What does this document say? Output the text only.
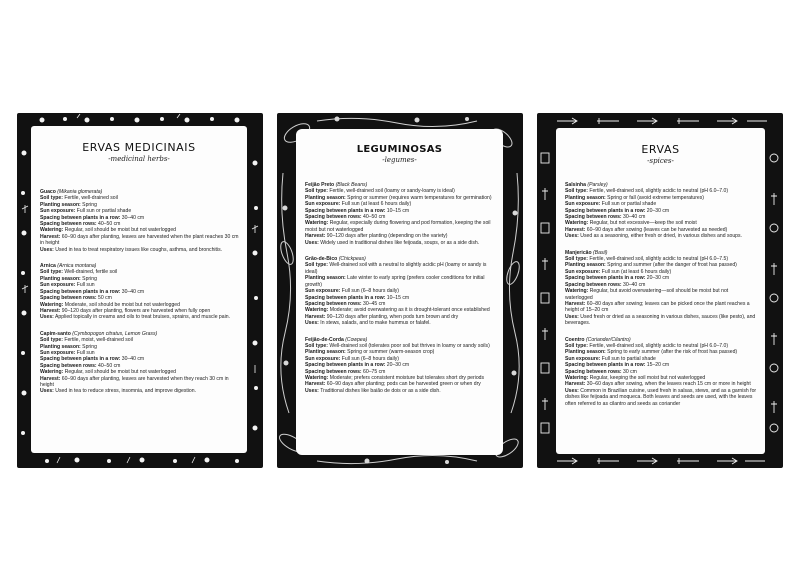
ERVAS MEDICINAIS
-medicinal herbs-
Guaco (Mikania glomerata)
Soil type: Fertile, well-drained soil
Planting season: Spring
Sun exposure: Full sun or partial shade
Spacing between plants in a row: 30–40 cm
Spacing between rows: 40–50 cm
Watering: Regular, soil should be moist but not waterlogged
Harvest: 60–90 days after planting, leaves are harvested when the plant reaches 30 cm in height
Uses: Used in tea to treat respiratory issues like coughs, asthma, and bronchitis.
Arnica (Arnica montana)
Soil type: Well-drained, fertile soil
Planting season: Spring
Sun exposure: Full sun
Spacing between plants in a row: 30–40 cm
Spacing between rows: 50 cm
Watering: Moderate, soil should be moist but not waterlogged
Harvest: 90–120 days after planting, flowers are harvested when fully open
Uses: Applied topically in creams and oils to treat bruises, sprains, and muscle pain.
Capim-santo (Cymbopogon citratus, Lemon Grass)
Soil type: Fertile, moist, well-drained soil
Planting season: Spring
Sun exposure: Full sun
Spacing between plants in a row: 30–40 cm
Spacing between rows: 40–50 cm
Watering: Regular, soil should be moist but not waterlogged
Harvest: 60–90 days after planting, leaves are harvested when they reach 30 cm in height
Uses: Used in tea to reduce stress, insomnia, and improve digestion.
LEGUMINOSAS
-legumes-
Feijão Preto (Black Beans)
Soil type: Fertile, well-drained soil (loamy or sandy-loamy is ideal)
Planting season: Spring or summer (requires warm temperatures for germination)
Sun exposure: Full sun (at least 6 hours daily)
Spacing between plants in a row: 10–15 cm
Spacing between rows: 40–50 cm
Watering: Regular, especially during flowering and pod formation, keeping the soil moist but not waterlogged
Harvest: 90–120 days after planting (depending on the variety)
Uses: Widely used in traditional dishes like feijoada, soups, or as a side dish.
Grão-de-Bico (Chickpeas)
Soil type: Well-drained soil with a neutral to slightly acidic pH (loamy or sandy is ideal)
Planting season: Late winter to early spring (prefers cooler conditions for initial growth)
Sun exposure: Full sun (6–8 hours daily)
Spacing between plants in a row: 10–15 cm
Spacing between rows: 30–45 cm
Watering: Moderate; avoid overwatering as it is drought-tolerant once established
Harvest: 90–120 days after planting, when pods turn brown and dry
Uses: In stews, salads, and to make hummus or falafel.
Feijão-de-Corda (Cowpea)
Soil type: Well-drained soil (tolerates poor soil but thrives in loamy or sandy soils)
Planting season: Spring or summer (warm-season crop)
Sun exposure: Full sun (6–8 hours daily)
Spacing between plants in a row: 20–30 cm
Spacing between rows: 60–75 cm
Watering: Moderate; prefers consistent moisture but tolerates short dry periods
Harvest: 60–90 days after planting; pods can be harvested green or when dry
Uses: Traditional dishes like baião de dois or as a side dish.
ERVAS
-spices-
Salsinha (Parsley)
Soil type: Fertile, well-drained soil, slightly acidic to neutral (pH 6.0–7.0)
Planting season: Spring or fall (avoid extreme temperatures)
Sun exposure: Full sun or partial shade
Spacing between plants in a row: 20–30 cm
Spacing between rows: 30–40 cm
Watering: Regular, but not excessive—keep the soil moist
Harvest: 60–90 days after sowing (leaves can be harvested as needed)
Uses: Used as a seasoning, either fresh or dried, in various dishes and soups.
Manjericão (Basil)
Soil type: Fertile, well-drained soil, slightly acidic to neutral (pH 6.0–7.5)
Planting season: Spring and summer (after the danger of frost has passed)
Sun exposure: Full sun (at least 6 hours daily)
Spacing between plants in a row: 20–30 cm
Spacing between rows: 30–40 cm
Watering: Regular, but avoid overwatering—soil should be moist but not waterlogged
Harvest: 60–80 days after sowing; leaves can be picked once the plant reaches a height of 15–20 cm
Uses: Used fresh or dried as a seasoning in various dishes, sauces (like pesto), and beverages.
Coentro (Coriander/Cilantro)
Soil type: Fertile, well-drained soil, slightly acidic to neutral (pH 6.0–7.0)
Planting season: Spring to early summer (after the risk of frost has passed)
Sun exposure: Full sun to partial shade
Spacing between plants in a row: 15–20 cm
Spacing between rows: 30 cm
Watering: Regular, keeping the soil moist but not waterlogged
Harvest: 30–60 days after sowing, when the leaves reach 15 cm or more in height
Uses: Common in Brazilian cuisine, used fresh in salsas, stews, and as a garnish for dishes like feijoada and moqueca. Both leaves and seeds are used, with the leaves often referred to as cilantro and seeds as coriander
